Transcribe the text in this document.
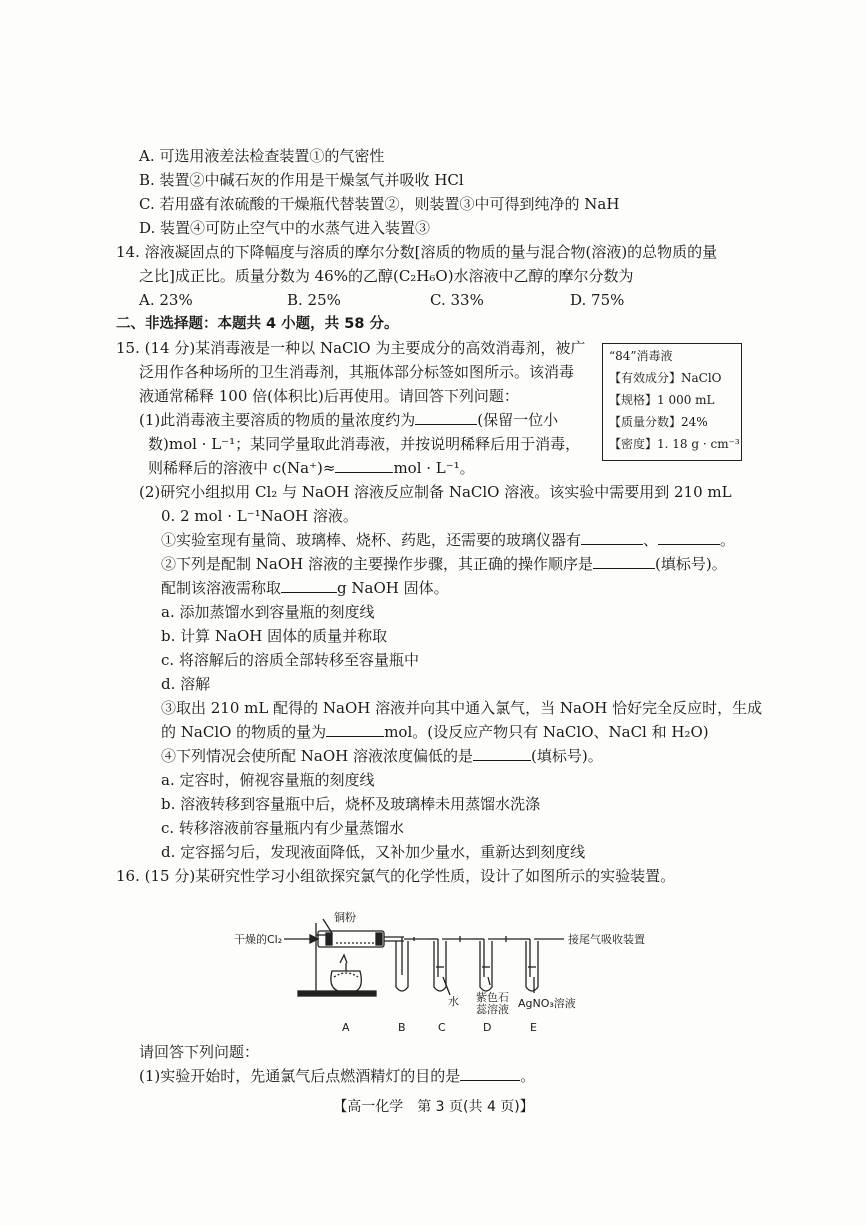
A. 可选用液差法检查装置①的气密性
B. 装置②中碱石灰的作用是干燥氢气并吸收 HCl
C. 若用盛有浓硫酸的干燥瓶代替装置②，则装置③中可得到纯净的 NaH
D. 装置④可防止空气中的水蒸气进入装置③
14. 溶液凝固点的下降幅度与溶质的摩尔分数[溶质的物质的量与混合物(溶液)的总物质的量
之比]成正比。质量分数为 46%的乙醇(C₂H₆O)水溶液中乙醇的摩尔分数为
A. 23%	B. 25%	C. 33%	D. 75%
二、非选择题：本题共 4 小题，共 58 分。
15. (14 分)某消毒液是一种以 NaClO 为主要成分的高效消毒剂，被广
泛用作各种场所的卫生消毒剂，其瓶体部分标签如图所示。该消毒
液通常稀释 100 倍(体积比)后再使用。请回答下列问题：
“84”消毒液
【有效成分】NaClO
【规格】1 000 mL
【质量分数】24%
【密度】1. 18 g · cm⁻³
(1)此消毒液主要溶质的物质的量浓度约为	(保留一位小
数)mol · L⁻¹；某同学量取此消毒液，并按说明稀释后用于消毒，
则稀释后的溶液中 c(Na⁺)≈	mol · L⁻¹。
(2)研究小组拟用 Cl₂ 与 NaOH 溶液反应制备 NaClO 溶液。该实验中需要用到 210 mL
0. 2 mol · L⁻¹NaOH 溶液。
①实验室现有量筒、玻璃棒、烧杯、药匙，还需要的玻璃仪器有	、	。
②下列是配制 NaOH 溶液的主要操作步骤，其正确的操作顺序是	(填标号)。
配制该溶液需称取	g NaOH 固体。
a. 添加蒸馏水到容量瓶的刻度线
b. 计算 NaOH 固体的质量并称取
c. 将溶解后的溶质全部转移至容量瓶中
d. 溶解
③取出 210 mL 配得的 NaOH 溶液并向其中通入氯气，当 NaOH 恰好完全反应时，生成
的 NaClO 的物质的量为	mol。(设反应产物只有 NaClO、NaCl 和 H₂O)
④下列情况会使所配 NaOH 溶液浓度偏低的是	(填标号)。
a. 定容时，俯视容量瓶的刻度线
b. 溶液转移到容量瓶中后，烧杯及玻璃棒未用蒸馏水洗涤
c. 转移溶液前容量瓶内有少量蒸馏水
d. 定容摇匀后，发现液面降低，又补加少量水，重新达到刻度线
16. (15 分)某研究性学习小组欲探究氯气的化学性质，设计了如图所示的实验装置。
干燥的Cl₂
铜粉
接尾气吸收装置
水 紫色石
蕊溶液 AgNO₃溶液
A	B	C	D	E
请回答下列问题：
(1)实验开始时，先通氯气后点燃酒精灯的目的是	。
【高一化学　第 3 页(共 4 页)】
